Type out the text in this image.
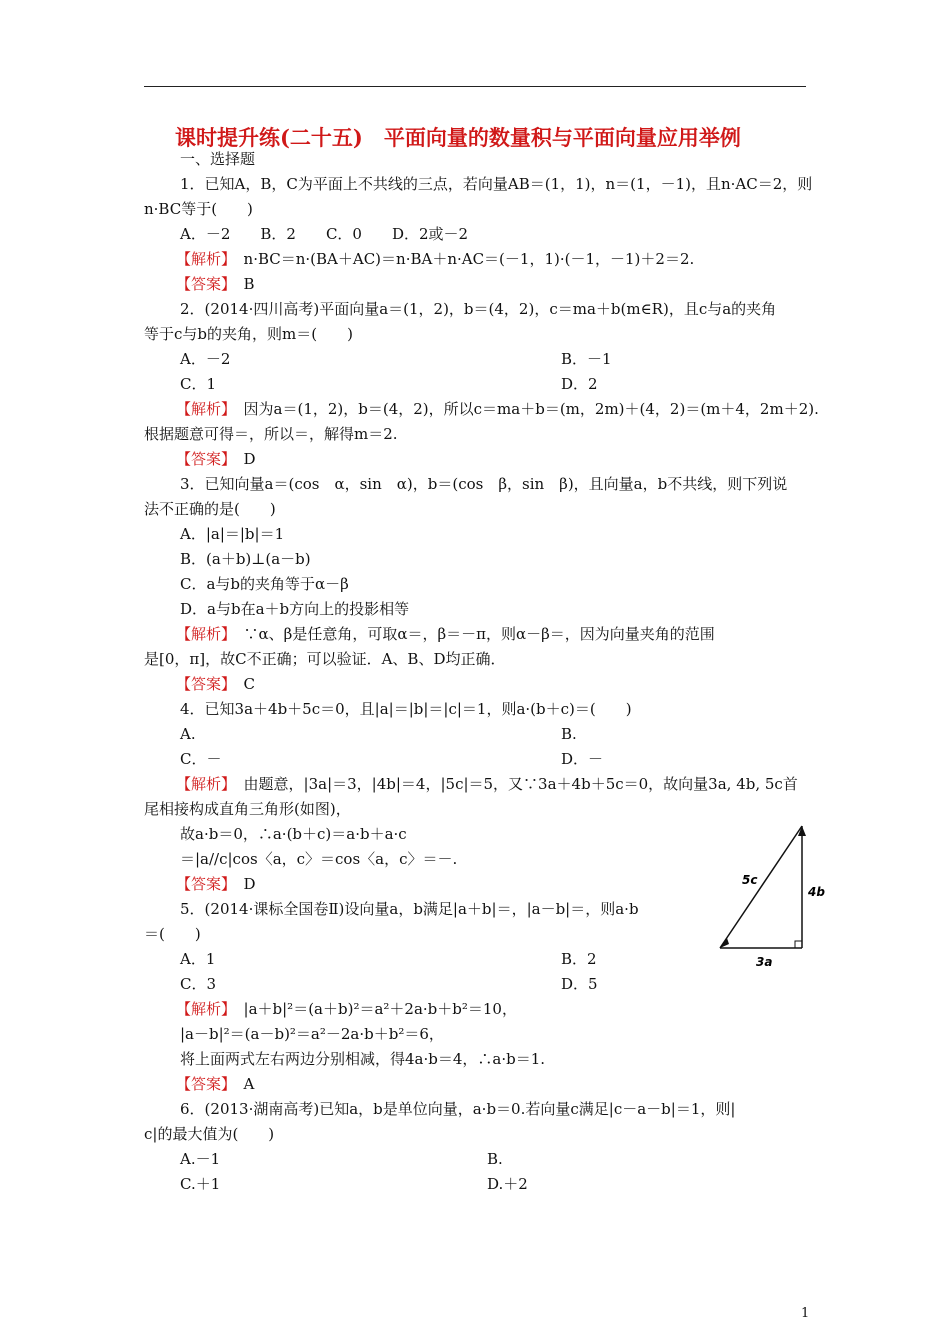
课时提升练(二十五)　平面向量的数量积与平面向量应用举例
一、选择题
1．已知A，B，C为平面上不共线的三点，若向量AB＝(1，1)，n＝(1，－1)，且n·AC＝2，则
n·BC等于(　　)
A．－2　　B．2　　C．0　　D．2或－2
【解析】　 n·BC＝n·(BA＋AC)＝n·BA＋n·AC＝(－1，1)·(－1，－1)＋2＝2.
【答案】　 B
2．(2014·四川高考)平面向量a＝(1，2)，b＝(4，2)，c＝ma＋b(m∈R)，且c与a的夹角
等于c与b的夹角，则m＝(　　)
A．－2	B．－1
C．1	D．2
【解析】　 因为a＝(1，2)，b＝(4，2)，所以c＝ma＋b＝(m，2m)＋(4，2)＝(m＋4，2m＋2).
根据题意可得＝，所以＝，解得m＝2.
【答案】　 D
3．已知向量a＝(cos　α，sin　α)，b＝(cos　β，sin　β)，且向量a，b不共线，则下列说
法不正确的是(　　)
A．|a|＝|b|＝1
B．(a＋b)⊥(a－b)
C．a与b的夹角等于α－β
D．a与b在a＋b方向上的投影相等
【解析】　 ∵α、β是任意角，可取α＝，β＝－π，则α－β＝，因为向量夹角的范围
是[0，π]，故C不正确；可以验证．A、B、D均正确．
【答案】　 C
4．已知3a＋4b＋5c＝0，且|a|＝|b|＝|c|＝1，则a·(b＋c)＝(　　)
A.	B.
C．－	D．－
【解析】　 由题意，|3a|＝3，|4b|＝4，|5c|＝5，又∵3a＋4b＋5c＝0，故向量3a, 4b, 5c首
尾相接构成直角三角形(如图)，
故a·b＝0，∴a·(b＋c)＝a·b＋a·c
＝|a//c|cos〈a，c〉＝cos〈a，c〉＝－.
【答案】　 D	5c
4b
3a
5．(2014·课标全国卷Ⅱ)设向量a，b满足|a＋b|＝，|a－b|＝，则a·b
＝(　　)
A．1	B．2
C．3	D．5
【解析】　 |a＋b|²＝(a＋b)²＝a²＋2a·b＋b²＝10，
|a－b|²＝(a－b)²＝a²－2a·b＋b²＝6，
将上面两式左右两边分别相减，得4a·b＝4，∴a·b＝1.
【答案】　 A
6．(2013·湖南高考)已知a，b是单位向量，a·b＝0.若向量c满足|c－a－b|＝1，则|
c|的最大值为(　　)
A.－1	B.
C.＋1	D.＋2
1
